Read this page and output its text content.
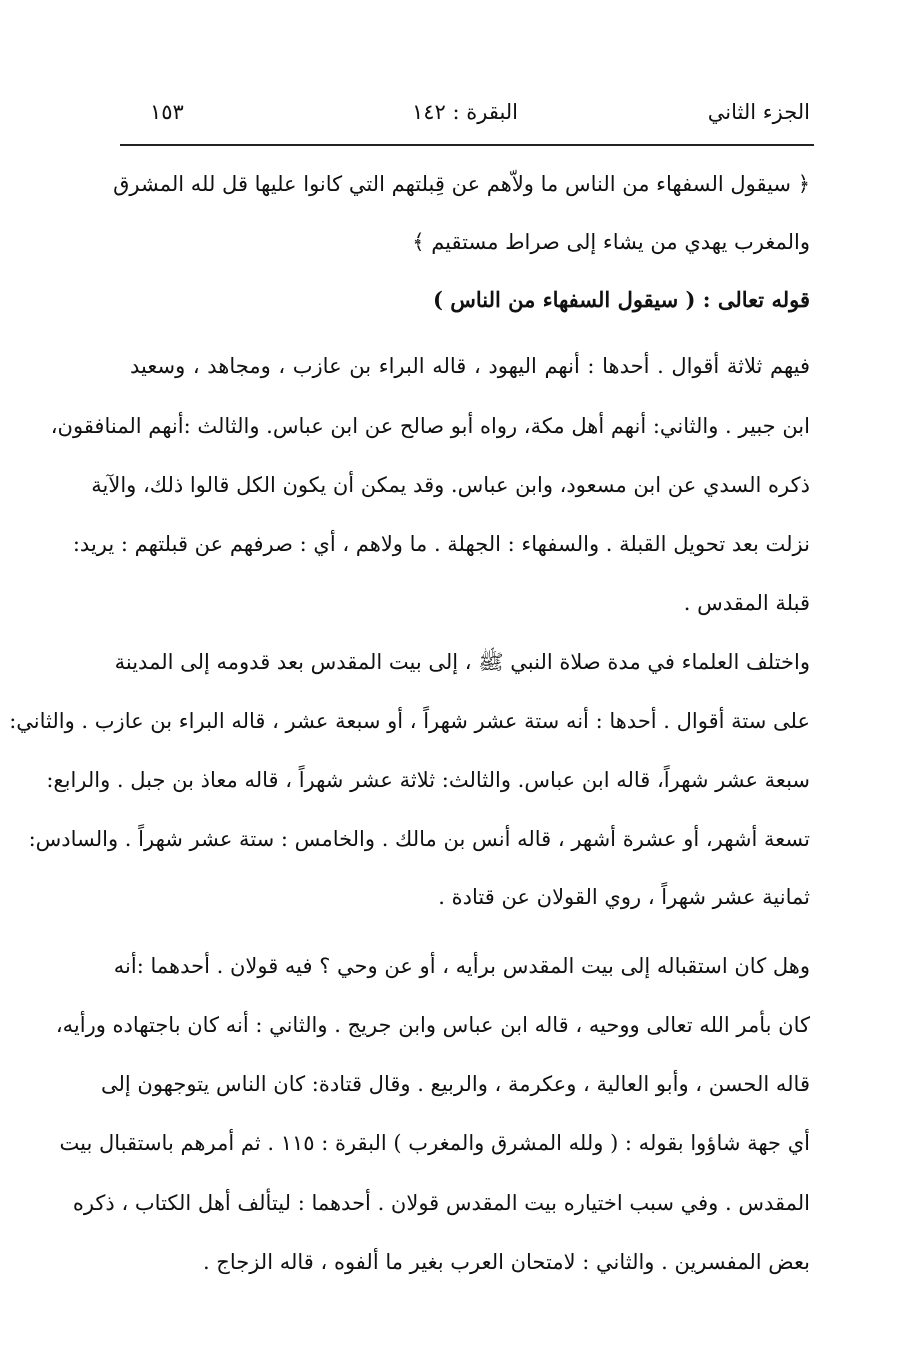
الجزء الثاني
البقرة : ١٤٢
١٥٣
﴿ سيقول السفهاء من الناس ما ولاّهم عن قِبلتهم التي كانوا عليها قل لله المشرق
والمغرب يهدي من يشاء إلى صراط مستقيم ﴾
قوله تعالى : ( سيقول السفهاء من الناس )
فيهم ثلاثة أقوال . أحدها : أنهم اليهود ، قاله البراء بن عازب ، ومجاهد ، وسعيد
ابن جبير . والثاني: أنهم أهل مكة، رواه أبو صالح عن ابن عباس. والثالث :أنهم المنافقون،
ذكره السدي عن ابن مسعود، وابن عباس. وقد يمكن أن يكون الكل قالوا ذلك، والآية
نزلت بعد تحويل القبلة . والسفهاء : الجهلة . ما ولاهم ، أي : صرفهم عن قبلتهم : يريد:
قبلة المقدس .
واختلف العلماء في مدة صلاة النبي ﷺ ، إلى بيت المقدس بعد قدومه إلى المدينة
على ستة أقوال . أحدها : أنه ستة عشر شهراً ، أو سبعة عشر ، قاله البراء بن عازب . والثاني:
سبعة عشر شهراً، قاله ابن عباس. والثالث: ثلاثة عشر شهراً ، قاله معاذ بن جبل . والرابع:
تسعة أشهر، أو عشرة أشهر ، قاله أنس بن مالك . والخامس : ستة عشر شهراً . والسادس:
ثمانية عشر شهراً ، روي القولان عن قتادة .
وهل كان استقباله إلى بيت المقدس برأيه ، أو عن وحي ؟ فيه قولان . أحدهما :أنه
كان بأمر الله تعالى ووحيه ، قاله ابن عباس وابن جريج . والثاني : أنه كان باجتهاده ورأيه،
قاله الحسن ، وأبو العالية ، وعكرمة ، والربيع . وقال قتادة: كان الناس يتوجهون إلى
أي جهة شاؤوا بقوله : ( ولله المشرق والمغرب ) البقرة : ١١٥ . ثم أمرهم باستقبال بيت
المقدس . وفي سبب اختياره بيت المقدس قولان . أحدهما : ليتألف أهل الكتاب ، ذكره
بعض المفسرين . والثاني : لامتحان العرب بغير ما ألفوه ، قاله الزجاج .
